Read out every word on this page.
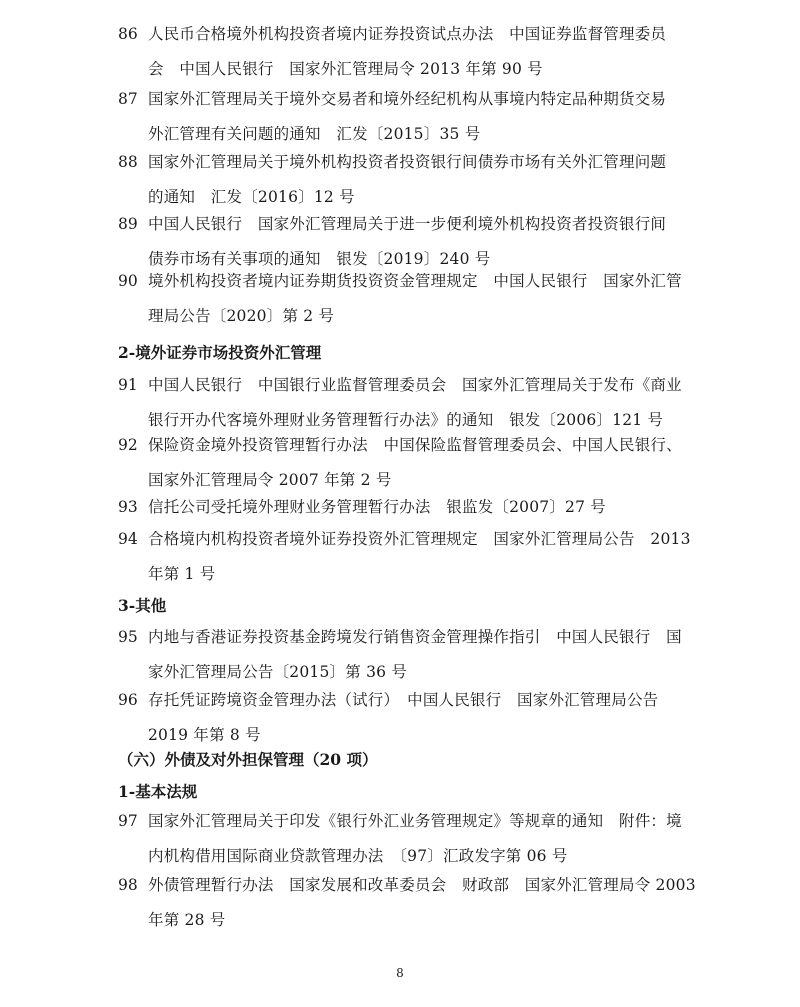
86 人民币合格境外机构投资者境内证券投资试点办法　中国证券监督管理委员
会　中国人民银行　国家外汇管理局令 2013 年第 90 号
87 国家外汇管理局关于境外交易者和境外经纪机构从事境内特定品种期货交易
外汇管理有关问题的通知　汇发〔2015〕35 号
88 国家外汇管理局关于境外机构投资者投资银行间债券市场有关外汇管理问题
的通知　汇发〔2016〕12 号
89 中国人民银行　国家外汇管理局关于进一步便利境外机构投资者投资银行间
债券市场有关事项的通知　银发〔2019〕240 号
90 境外机构投资者境内证券期货投资资金管理规定　中国人民银行　国家外汇管
理局公告〔2020〕第 2 号
2-境外证券市场投资外汇管理
91 中国人民银行　中国银行业监督管理委员会　国家外汇管理局关于发布《商业
银行开办代客境外理财业务管理暂行办法》的通知　银发〔2006〕121 号
92 保险资金境外投资管理暂行办法　中国保险监督管理委员会、中国人民银行、
国家外汇管理局令 2007 年第 2 号
93 信托公司受托境外理财业务管理暂行办法　银监发〔2007〕27 号
94 合格境内机构投资者境外证券投资外汇管理规定　国家外汇管理局公告　2013
年第 1 号
3-其他
95 内地与香港证券投资基金跨境发行销售资金管理操作指引　中国人民银行　国
家外汇管理局公告〔2015〕第 36 号
96 存托凭证跨境资金管理办法（试行）　中国人民银行　国家外汇管理局公告
2019 年第 8 号
（六）外债及对外担保管理（20 项）
1-基本法规
97 国家外汇管理局关于印发《银行外汇业务管理规定》等规章的通知　附件：境
内机构借用国际商业贷款管理办法　〔97〕汇政发字第 06 号
98 外债管理暂行办法　国家发展和改革委员会　财政部　国家外汇管理局令 2003
年第 28 号
8
